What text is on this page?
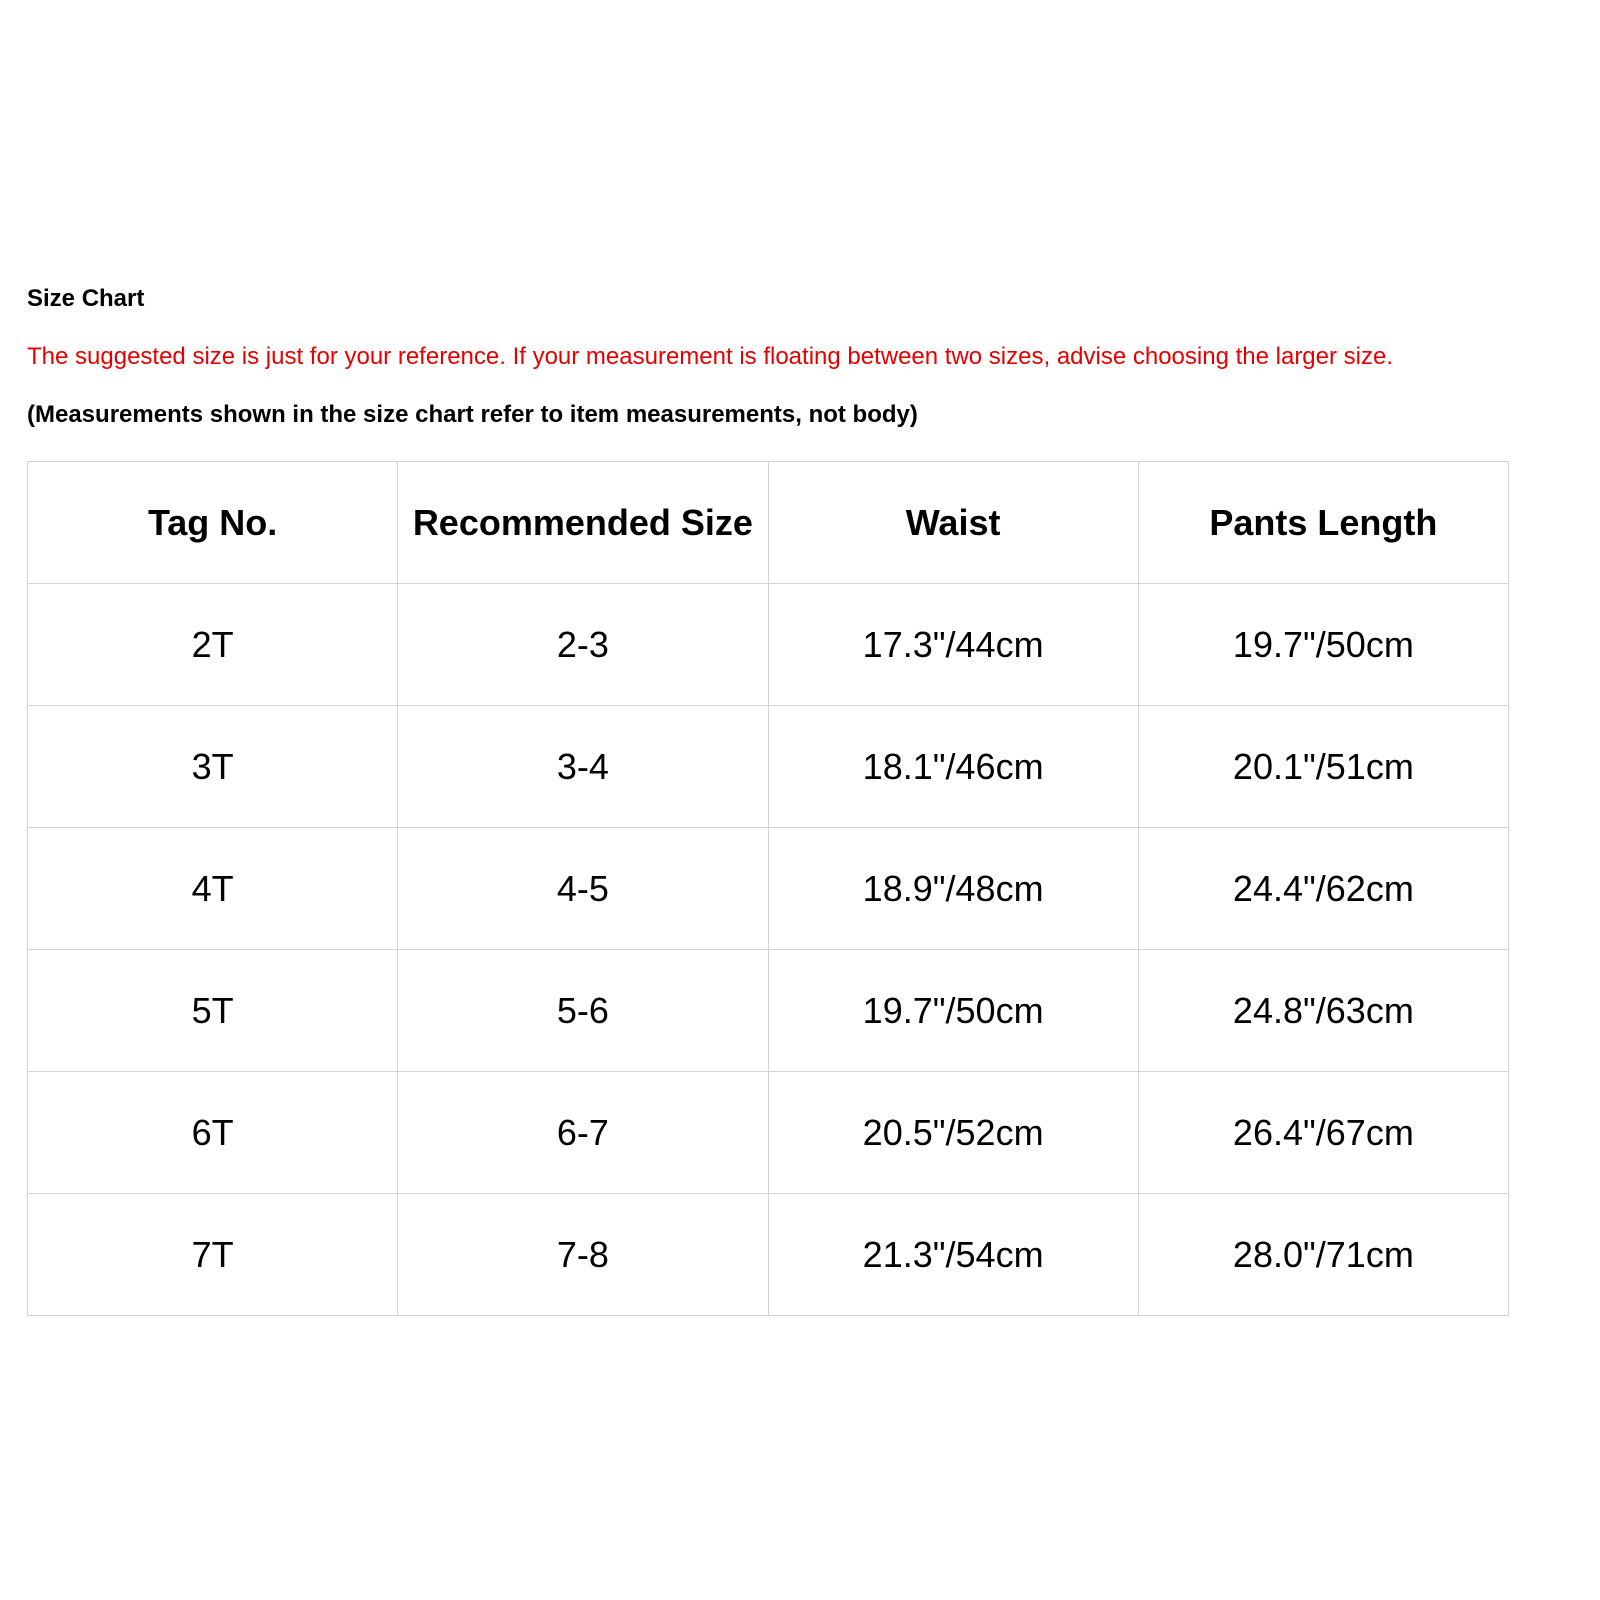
Size Chart
The suggested size is just for your reference. If your measurement is floating between two sizes, advise choosing the larger size.
(Measurements shown in the size chart refer to item measurements, not body)
Tag No.	Recommended Size	Waist	Pants Length
2T	2-3	17.3"/44cm	19.7"/50cm
3T	3-4	18.1"/46cm	20.1"/51cm
4T	4-5	18.9"/48cm	24.4"/62cm
5T	5-6	19.7"/50cm	24.8"/63cm
6T	6-7	20.5"/52cm	26.4"/67cm
7T	7-8	21.3"/54cm	28.0"/71cm
